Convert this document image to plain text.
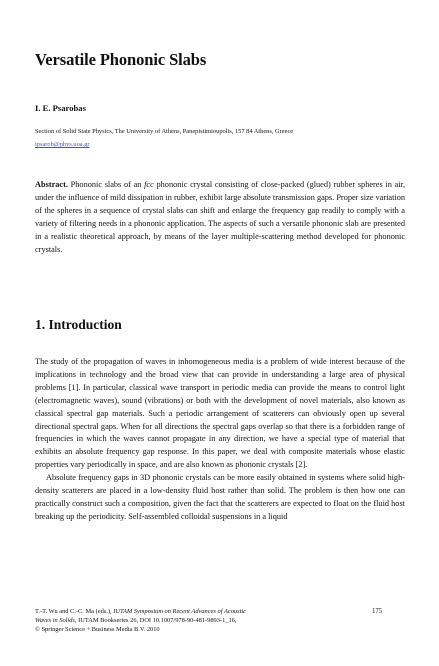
Versatile Phononic Slabs
I. E. Psarobas
Section of Solid State Physics, The University of Athens, Panepistimioupolis, 157 84 Athens, Greece
ipsarob@phys.uoa.gr

Abstract. Phononic slabs of an fcc phononic crystal consisting of close-packed (glued) rubber spheres in air, under the influence of mild dissipation in rubber, exhibit large absolute transmission gaps. Proper size variation of the spheres in a sequence of crystal slabs can shift and enlarge the frequency gap readily to comply with a variety of filtering needs in a phononic application. The aspects of such a versatile phononic slab are presented in a realistic theoretical approach, by means of the layer multiple-scattering method developed for phononic crystals.

1. Introduction

The study of the propagation of waves in inhomogeneous media is a problem of wide interest because of the implications in technology and the broad view that can provide in understanding a large area of physical problems [1]. In particular, classical wave transport in periodic media can provide the means to control light (electromagnetic waves), sound (vibrations) or both with the development of novel materials, also known as classical spectral gap materials. Such a periodic arrangement of scatterers can obviously open up several directional spectral gaps. When for all directions the spectral gaps overlap so that there is a forbidden range of frequencies in which the waves cannot propagate in any direction, we have a special type of material that exhibits an absolute frequency gap response. In this paper, we deal with composite materials whose elastic properties vary periodically in space, and are also known as phononic crystals [2].

Absolute frequency gaps in 3D phononic crystals can be more easily obtained in systems where solid high-density scatterers are placed in a low-density fluid host rather than solid. The problem is then how one can practically construct such a composition, given the fact that the scatterers are expected to float on the fluid host breaking up the periodicity. Self-assembled colloidal suspensions in a liquid

T.-T. Wu and C.-C. Ma (eds.), IUTAM Symposium on Recent Advances of Acoustic
Waves in Solids, IUTAM Bookseries 26, DOI 10.1007/978-90-481-9893-1_16,
© Springer Science + Business Media B.V. 2010
175
